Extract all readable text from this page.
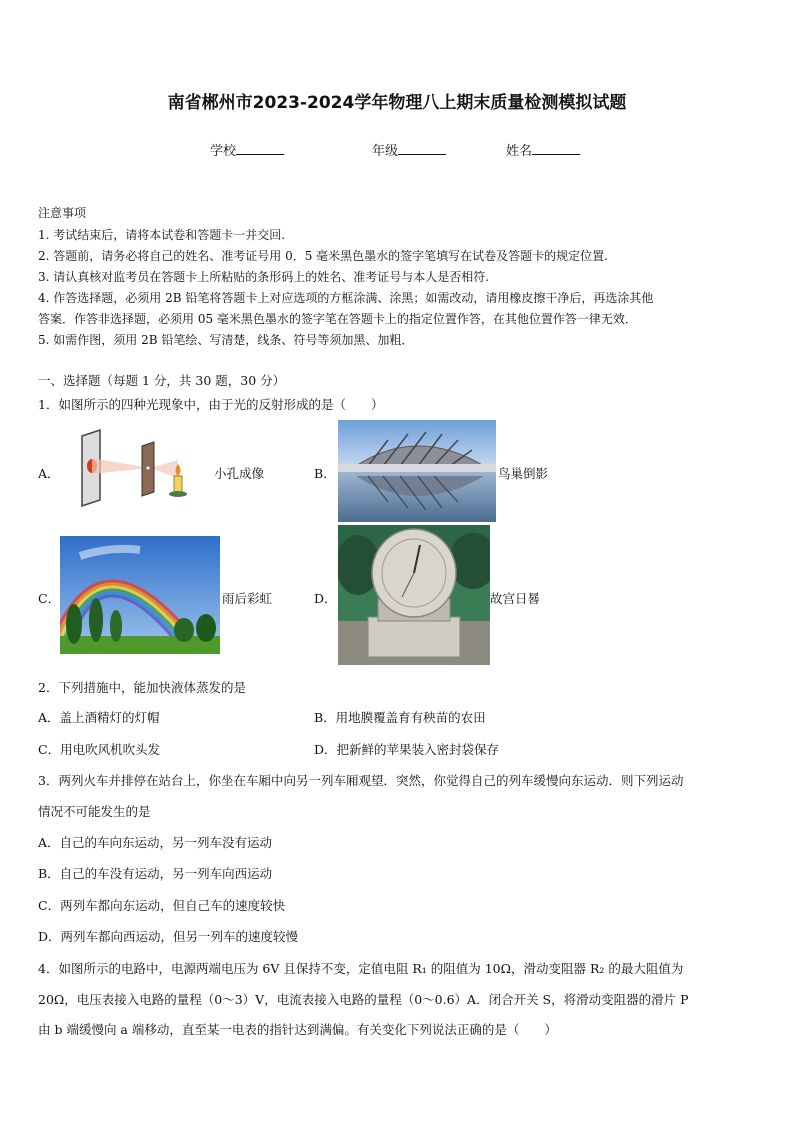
南省郴州市2023-2024学年物理八上期末质量检测模拟试题
学校	年级	姓名
注意事项
1. 考试结束后，请将本试卷和答题卡一并交回.
2. 答题前，请务必将自己的姓名、准考证号用 0．5 毫米黑色墨水的签字笔填写在试卷及答题卡的规定位置.
3. 请认真核对监考员在答题卡上所粘贴的条形码上的姓名、准考证号与本人是否相符.
4. 作答选择题，必须用 2B 铅笔将答题卡上对应选项的方框涂满、涂黑；如需改动，请用橡皮擦干净后，再选涂其他
答案．作答非选择题，必须用 05 毫米黑色墨水的签字笔在答题卡上的指定位置作答，在其他位置作答一律无效．
5. 如需作图，须用 2B 铅笔绘、写清楚，线条、符号等须加黑、加粗．
一、选择题（每题 1 分，共 30 题，30 分）
1．如图所示的四种光现象中，由于光的反射形成的是（　　）
A．	小孔成像	B．	鸟巢倒影
C．	雨后彩虹	D．	故宫日晷
2．下列措施中，能加快液体蒸发的是
A．盖上酒精灯的灯帽	B．用地膜覆盖育有秧苗的农田
C．用电吹风机吹头发	D．把新鲜的苹果装入密封袋保存
3．两列火车并排停在站台上，你坐在车厢中向另一列车厢观望．突然，你觉得自己的列车缓慢向东运动．则下列运动
情况不可能发生的是
A．自己的车向东运动，另一列车没有运动
B．自己的车没有运动，另一列车向西运动
C．两列车都向东运动，但自己车的速度较快
D．两列车都向西运动，但另一列车的速度较慢
4．如图所示的电路中，电源两端电压为 6V 且保持不变，定值电阻 R₁ 的阻值为 10Ω，滑动变阻器 R₂ 的最大阻值为
20Ω，电压表接入电路的量程（0～3）V，电流表接入电路的量程（0～0.6）A．闭合开关 S，将滑动变阻器的滑片 P
由 b 端缓慢向 a 端移动，直至某一电表的指针达到满偏。有关变化下列说法正确的是（　　）
